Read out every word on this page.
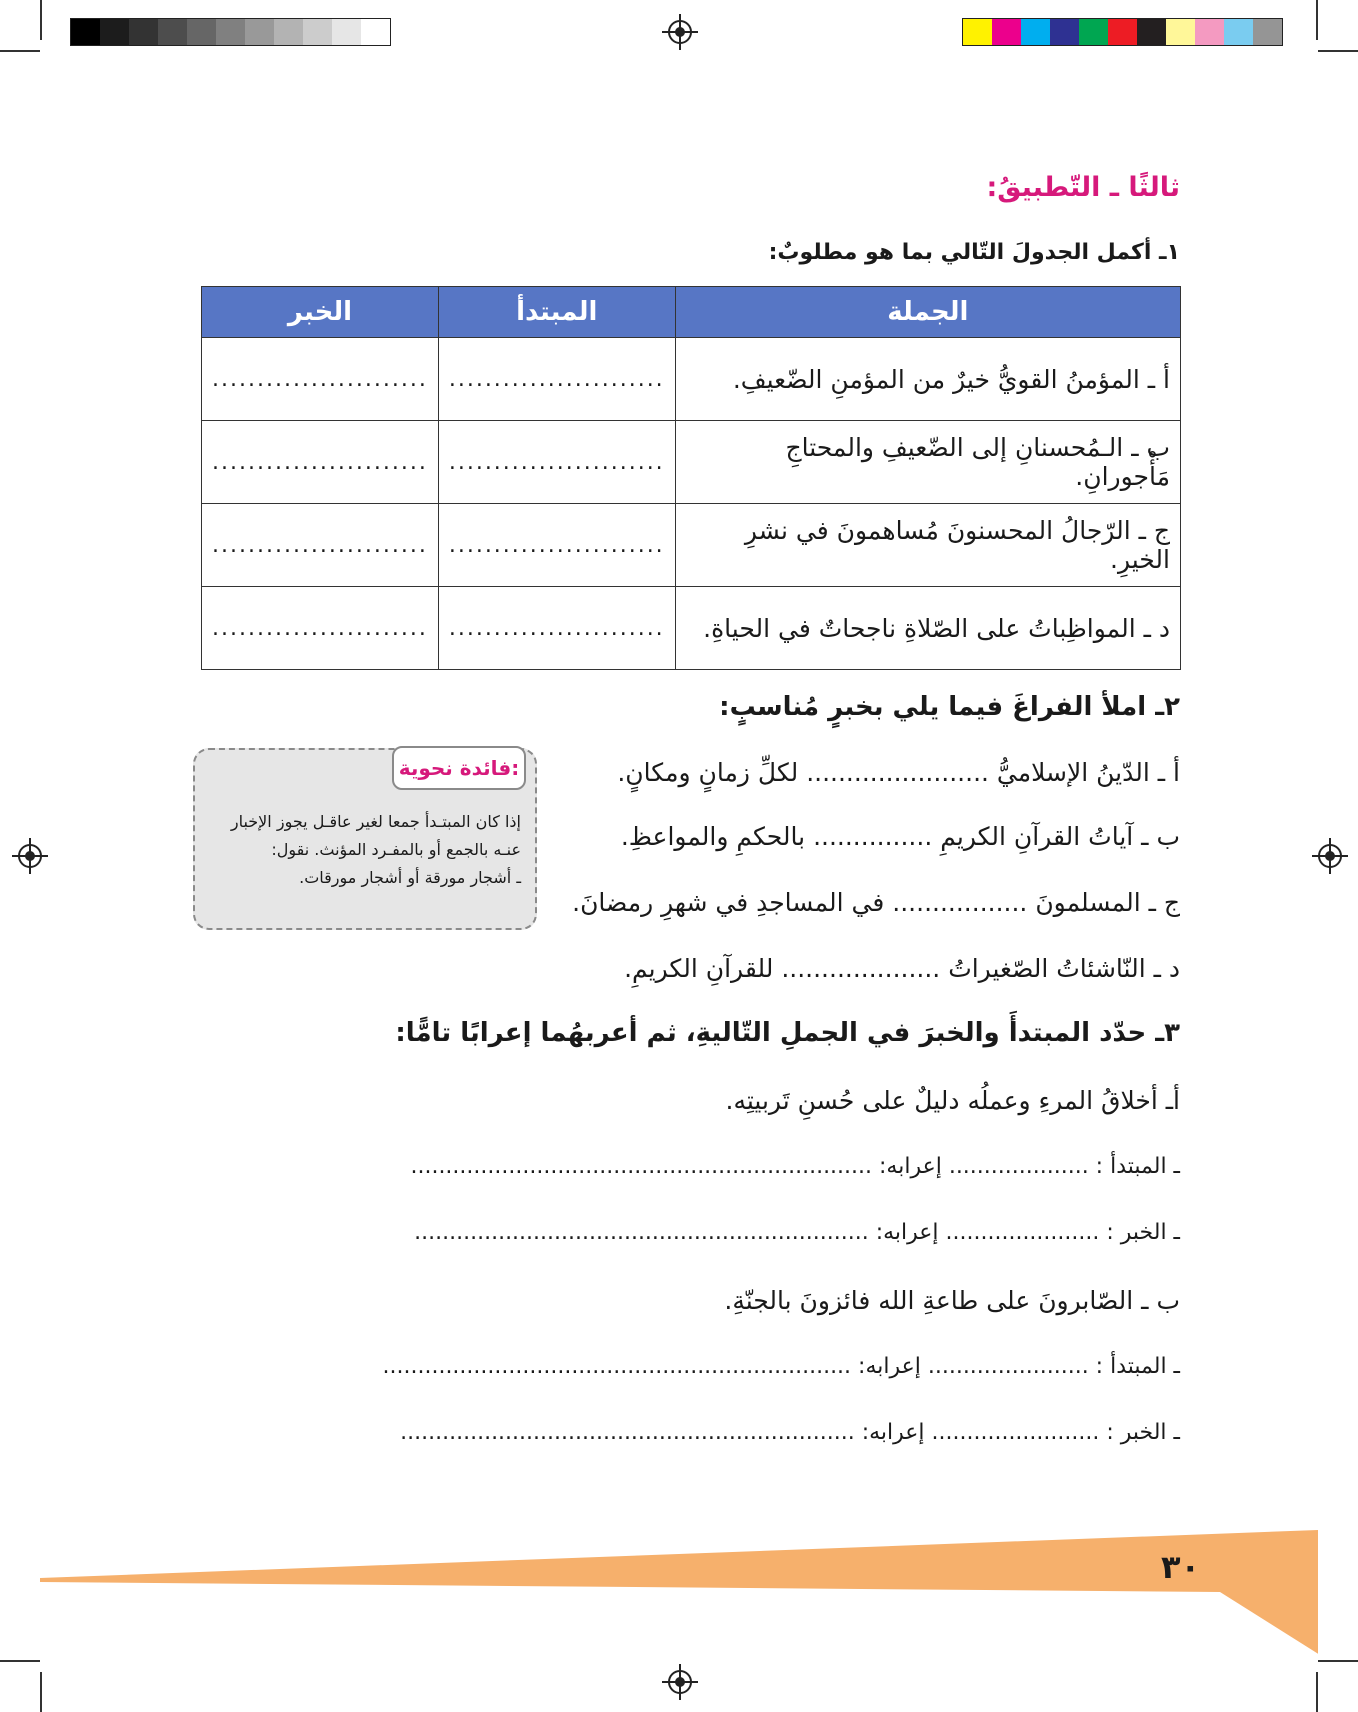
ثالثًا ـ التّطبيقُ:
١ـ أكمل الجدولَ التّالي بما هو مطلوبٌ:
الجملة	المبتدأ	الخبر
أ ـ المؤمنُ القويُّ خيرٌ من المؤمنِ الضّعيفِ.	........................	........................
ب ـ الـمُحسنانِ إلى الضّعيفِ والمحتاجِ مَأْجورانِ.	........................	........................
ج ـ الرّجالُ المحسنونَ مُساهمونَ في نشرِ الخيرِ.	........................	........................
د ـ المواظِباتُ على الصّلاةِ ناجحاتٌ في الحياةِ.	........................	........................
٢ـ املأ الفراغَ فيما يلي بخبرٍ مُناسبٍ:
أ ـ الدّينُ الإسلاميُّ ....................... لكلِّ زمانٍ ومكانٍ.
ب ـ آياتُ القرآنِ الكريمِ ............... بالحكمِ والمواعظِ.
ج ـ المسلمونَ ................. في المساجدِ في شهرِ رمضانَ.
د ـ النّاشئاتُ الصّغيراتُ .................... للقرآنِ الكريمِ.
فائدة نحوية:
إذا كان المبتـدأ جمعا لغير عاقـل يجوز الإخبار
عنـه بالجمع أو بالمفـرد المؤنث. نقول:
ـ أشجار مورقة أو أشجار مورقات.
٣ـ حدّد المبتدأَ والخبرَ في الجملِ التّاليةِ، ثم أعربهُما إعرابًا تامًّا:
أـ أخلاقُ المرءِ وعملُه دليلٌ على حُسنِ تَربيتِه.
ـ المبتدأ : .................... إعرابه: ..................................................................
ـ الخبر : ...................... إعرابه: .................................................................
ب ـ الصّابرونَ على طاعةِ الله فائزونَ بالجنّةِ.
ـ المبتدأ : ....................... إعرابه: ...................................................................
ـ الخبر : ........................ إعرابه: .................................................................
٣٠
